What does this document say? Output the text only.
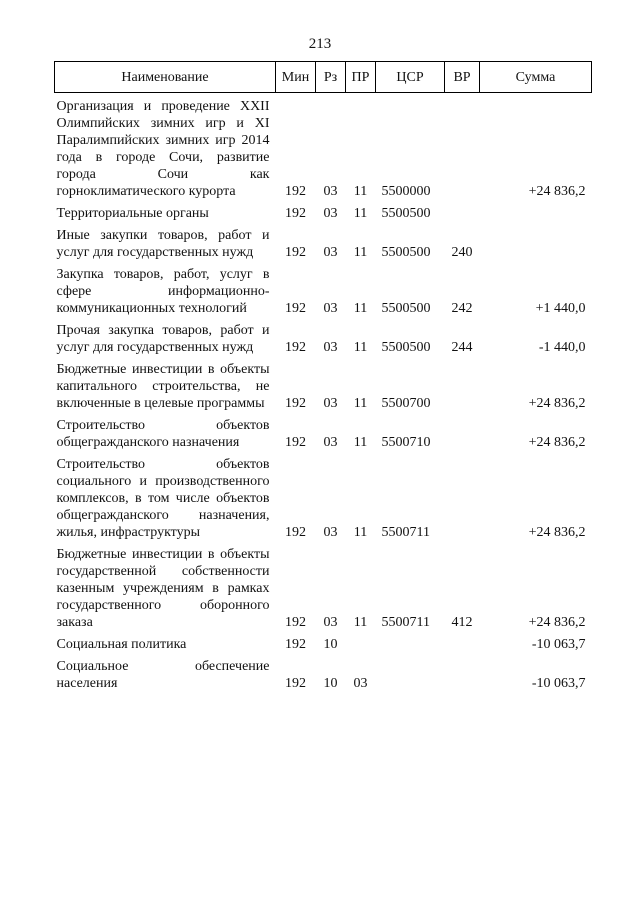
213
Наименование	Мин	Рз	ПР	ЦСР	ВР	Сумма
Организация и проведение XXII Олимпийских зимних игр и XI Паралимпийских зимних игр 2014 года в городе Сочи, развитие города Сочи как горноклиматического курорта	192	03	11	5500000		+24 836,2
Территориальные органы	192	03	11	5500500		
Иные закупки товаров, работ и услуг для государственных нужд	192	03	11	5500500	240	
Закупка товаров, работ, услуг в сфере информационно-коммуникационных технологий	192	03	11	5500500	242	+1 440,0
Прочая закупка товаров, работ и услуг для государственных нужд	192	03	11	5500500	244	-1 440,0
Бюджетные инвестиции в объекты капитального строительства, не включенные в целевые программы	192	03	11	5500700		+24 836,2
Строительство объектов общегражданского назначения	192	03	11	5500710		+24 836,2
Строительство объектов социального и производственного комплексов, в том числе объектов общегражданского назначения, жилья, инфраструктуры	192	03	11	5500711		+24 836,2
Бюджетные инвестиции в объекты государственной собственности казенным учреждениям в рамках государственного оборонного заказа	192	03	11	5500711	412	+24 836,2
Социальная политика	192	10				-10 063,7
Социальное обеспечение населения	192	10	03			-10 063,7
